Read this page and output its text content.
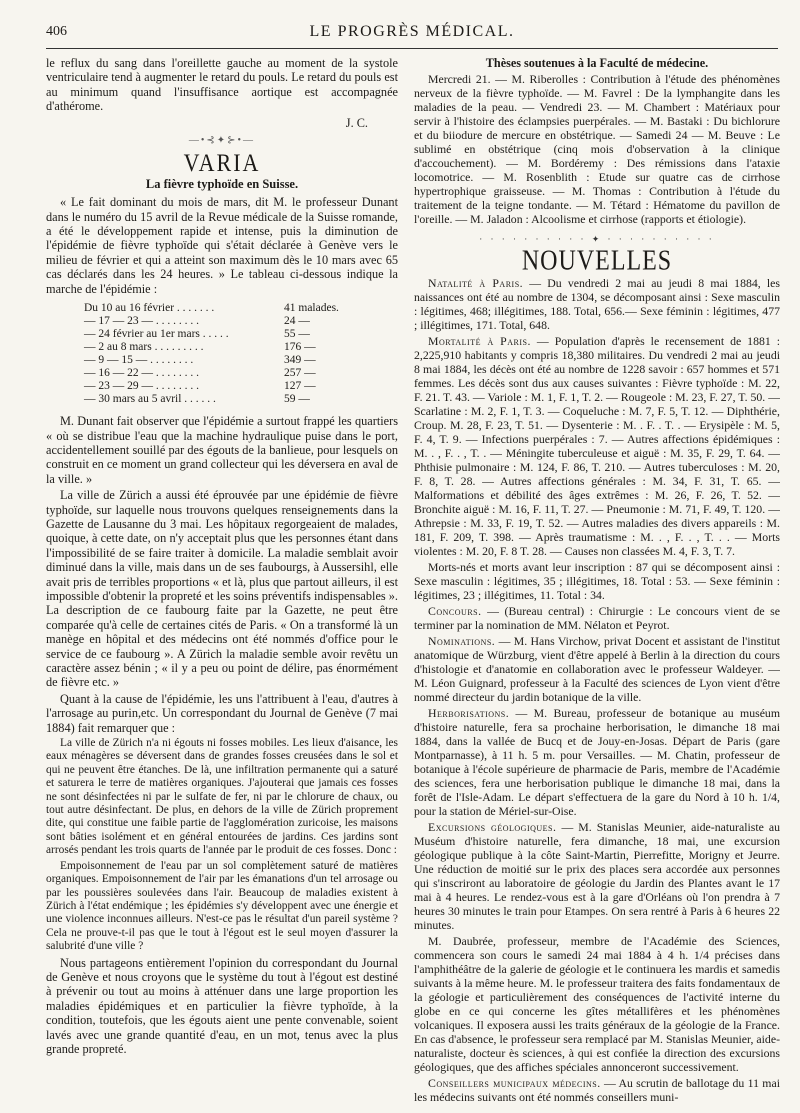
406	LE PROGRÈS MÉDICAL.

le reflux du sang dans l'oreillette gauche au moment de la systole ventriculaire tend à augmenter le retard du pouls. Le retard du pouls est au minimum quand l'insuffisance aortique est accompagnée d'athérome.

J. C.

—•⊰✦⊱•—
VARIA
La fièvre typhoïde en Suisse.

« Le fait dominant du mois de mars, dit M. le professeur Dunant dans le numéro du 15 avril de la Revue médicale de la Suisse romande, a été le développement rapide et intense, puis la diminution de l'épidémie de fièvre typhoïde qui s'était déclarée à Genève vers le milieu de février et qui a atteint son maximum dès le 10 mars avec 65 cas déclarés dans les 24 heures. » Le tableau ci-dessous indique la marche de l'épidémie :

Du 10 au 16 février . . . . . . .	41 malades.
— 17 — 23 — . . . . . . . .	24 —
— 24 février au 1er mars . . . . .	55 —
— 2 au 8 mars . . . . . . . . .	176 —
— 9 — 15 — . . . . . . . .	349 —
— 16 — 22 — . . . . . . . .	257 —
— 23 — 29 — . . . . . . . .	127 —
— 30 mars au 5 avril . . . . . .	59 —

M. Dunant fait observer que l'épidémie a surtout frappé les quartiers « où se distribue l'eau que la machine hydraulique puise dans le port, accidentellement souillé par des égouts de la banlieue, pour lesquels on construit en ce moment un grand collecteur qui les déversera en aval de la ville. »

La ville de Zürich a aussi été éprouvée par une épidémie de fièvre typhoïde, sur laquelle nous trouvons quelques renseignements dans la Gazette de Lausanne du 3 mai. Les hôpitaux regorgeaient de malades, quoique, à cette date, on n'y acceptait plus que les personnes étant dans l'impossibilité de se faire traiter à domicile. La maladie semblait avoir diminué dans la ville, mais dans un de ses faubourgs, à Aussersihl, elle avait pris de terribles proportions « et là, plus que partout ailleurs, il est impossible d'obtenir la propreté et les soins préventifs indispensables ». La description de ce faubourg faite par la Gazette, ne peut être comparée qu'à celle de certaines cités de Paris. « On a transformé là un manège en hôpital et des médecins ont été nommés d'office pour le service de ce faubourg ». A Zürich la maladie semble avoir revêtu un caractère assez bénin ; « il y a peu ou point de délire, pas énormément de fièvre etc. »

Quant à la cause de l'épidémie, les uns l'attribuent à l'eau, d'autres à l'arrosage au purin,etc. Un correspondant du Journal de Genève (7 mai 1884) fait remarquer que :

La ville de Zürich n'a ni égouts ni fosses mobiles. Les lieux d'aisance, les eaux ménagères se déversent dans de grandes fosses creusées dans le sol et qui ne peuvent être étanches. De là, une infiltration permanente qui a saturé et saturera le terre de matières organiques. J'ajouterai que jamais ces fosses ne sont désinfectées ni par le sulfate de fer, ni par le chlorure de chaux, ou tout autre désinfectant. De plus, en dehors de la ville de Zürich proprement dite, qui constitue une faible partie de l'agglomération zuricoise, les maisons sont bâties isolément et en général entourées de jardins. Ces jardins sont arrosés pendant les trois quarts de l'année par le produit de ces fosses. Donc :

Empoisonnement de l'eau par un sol complètement saturé de matières organiques. Empoisonnement de l'air par les émanations d'un tel arrosage ou par les poussières soulevées dans l'air. Beaucoup de maladies existent à Zürich à l'état endémique ; les épidémies s'y développent avec une énergie et une violence inconnues ailleurs. N'est-ce pas le résultat d'un pareil système ? Cela ne prouve-t-il pas que le tout à l'égout est le seul moyen d'assurer la salubrité d'une ville ?

Nous partageons entièrement l'opinion du correspondant du Journal de Genève et nous croyons que le système du tout à l'égout est destiné à prévenir ou tout au moins à atténuer dans une large proportion les maladies épidémiques et en particulier la fièvre typhoïde, à la condition, toutefois, que les égouts aient une pente convenable, soient lavés avec une grande quantité d'eau, en un mot, tenus avec la plus grande propreté.

Thèses soutenues à la Faculté de médecine.

Mercredi 21. — M. Riberolles : Contribution à l'étude des phénomènes nerveux de la fièvre typhoïde. — M. Favrel : De la lymphangite dans les maladies de la peau. — Vendredi 23. — M. Chambert : Matériaux pour servir à l'histoire des éclampsies puerpérales. — M. Bastaki : Du bichlorure et du biiodure de mercure en obstétrique. — Samedi 24 — M. Beuve : Le sublimé en obstétrique (cinq mois d'observation à la clinique d'accouchement). — M. Bordéremy : Des rémissions dans l'ataxie locomotrice. — M. Rosenblith : Etude sur quatre cas de cirrhose hypertrophique graisseuse. — M. Thomas : Contribution à l'étude du traitement de la teigne tondante. — M. Tétard : Hématome du pavillon de l'oreille. — M. Jaladon : Alcoolisme et cirrhose (rapports et étiologie).

· · · · · · · · · · ✦ · · · · · · · · · ·
NOUVELLES

Natalité à Paris. — Du vendredi 2 mai au jeudi 8 mai 1884, les naissances ont été au nombre de 1304, se décomposant ainsi : Sexe masculin : légitimes, 468; illégitimes, 188. Total, 656.— Sexe féminin : légitimes, 477 ; illégitimes, 171. Total, 648.

Mortalité à Paris. — Population d'après le recensement de 1881 : 2,225,910 habitants y compris 18,380 militaires. Du vendredi 2 mai au jeudi 8 mai 1884, les décès ont été au nombre de 1228 savoir : 657 hommes et 571 femmes. Les décès sont dus aux causes suivantes : Fièvre typhoïde : M. 22, F. 21. T. 43. — Variole : M. 1, F. 1, T. 2. — Rougeole : M. 23, F. 27, T. 50. — Scarlatine : M. 2, F. 1, T. 3. — Coqueluche : M. 7, F. 5, T. 12. — Diphthérie, Croup. M. 28, F. 23, T. 51. — Dysenterie : M. . F. . T. . — Erysipèle : M. 5, F. 4, T. 9. — Infections puerpérales : 7. — Autres affections épidémiques : M. . , F. . , T. . — Méningite tuberculeuse et aiguë : M. 35, F. 29, T. 64. — Phthisie pulmonaire : M. 124, F. 86, T. 210. — Autres tuberculoses : M. 20, F. 8, T. 28. — Autres affections générales : M. 34, F. 31, T. 65. — Malformations et débilité des âges extrêmes : M. 26, F. 26, T. 52. — Bronchite aiguë : M. 16, F. 11, T. 27. — Pneumonie : M. 71, F. 49, T. 120. — Athrepsie : M. 33, F. 19, T. 52. — Autres maladies des divers appareils : M. 181, F. 209, T. 398. — Après traumatisme : M. . , F. . , T. . . — Morts violentes : M. 20, F. 8 T. 28. — Causes non classées M. 4, F. 3, T. 7.

Morts-nés et morts avant leur inscription : 87 qui se décomposent ainsi : Sexe masculin : légitimes, 35 ; illégitimes, 18. Total : 53. — Sexe féminin : légitimes, 23 ; illégitimes, 11. Total : 34.

Concours. — (Bureau central) : Chirurgie : Le concours vient de se terminer par la nomination de MM. Nélaton et Peyrot.

Nominations. — M. Hans Virchow, privat Docent et assistant de l'institut anatomique de Würzburg, vient d'être appelé à Berlin à la direction du cours d'histologie et d'anatomie en collaboration avec le professeur Waldeyer. — M. Léon Guignard, professeur à la Faculté des sciences de Lyon vient d'être nommé directeur du jardin botanique de la ville.

Herborisations. — M. Bureau, professeur de botanique au muséum d'histoire naturelle, fera sa prochaine herborisation, le dimanche 18 mai 1884, dans la vallée de Bucq et de Jouy-en-Josas. Départ de Paris (gare Montparnasse), à 11 h. 5 m. pour Versailles. — M. Chatin, professeur de botanique à l'école supérieure de pharmacie de Paris, membre de l'Académie des sciences, fera une herborisation publique le dimanche 18 mai, dans la forêt de l'Isle-Adam. Le départ s'effectuera de la gare du Nord à 10 h. 1/4, pour la station de Mériel-sur-Oise.

Excursions géologiques. — M. Stanislas Meunier, aide-naturaliste au Muséum d'histoire naturelle, fera dimanche, 18 mai, une excursion géologique publique à la côte Saint-Martin, Pierrefitte, Morigny et Jeurre. Une réduction de moitié sur le prix des places sera accordée aux personnes qui s'inscriront au laboratoire de géologie du Jardin des Plantes avant le 17 mai à 4 heures. Le rendez-vous est à la gare d'Orléans où l'on prendra à 7 heures 30 minutes le train pour Etampes. On sera rentré à Paris à 6 heures 22 minutes.

M. Daubrée, professeur, membre de l'Académie des Sciences, commencera son cours le samedi 24 mai 1884 à 4 h. 1/4 précises dans l'amphithéâtre de la galerie de géologie et le continuera les mardis et samedis suivants à la même heure. M. le professeur traitera des faits fondamentaux de la géologie et particulièrement des conséquences de l'activité interne du globe en ce qui concerne les gîtes métallifères et les phénomènes volcaniques. Il exposera aussi les traits généraux de la géologie de la France. En cas d'absence, le professeur sera remplacé par M. Stanislas Meunier, aide-naturaliste, docteur ès sciences, à qui est confiée la direction des excursions géologiques, que des affiches spéciales annonceront successivement.

Conseillers municipaux médecins. — Au scrutin de ballotage du 11 mai les médecins suivants ont été nommés conseillers muni-
